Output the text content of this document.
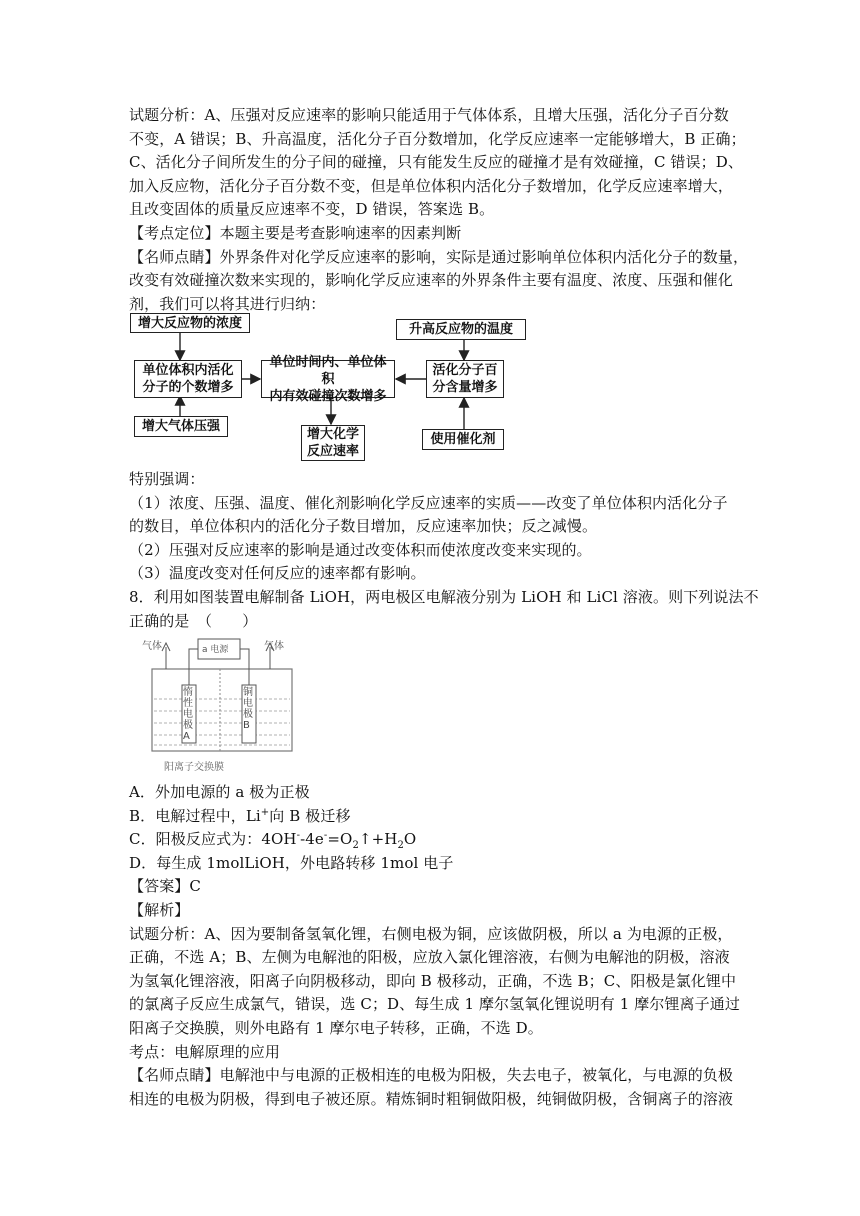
试题分析：A、压强对反应速率的影响只能适用于气体体系，且增大压强，活化分子百分数
不变，A 错误；B、升高温度，活化分子百分数增加，化学反应速率一定能够增大，B 正确；
C、活化分子间所发生的分子间的碰撞，只有能发生反应的碰撞才是有效碰撞，C 错误；D、
加入反应物，活化分子百分数不变，但是单位体积内活化分子数增加，化学反应速率增大，
且改变固体的质量反应速率不变，D 错误，答案选 B。
【考点定位】本题主要是考查影响速率的因素判断
【名师点睛】外界条件对化学反应速率的影响，实际是通过影响单位体积内活化分子的数量，
改变有效碰撞次数来实现的，影响化学反应速率的外界条件主要有温度、浓度、压强和催化
剂，我们可以将其进行归纳：
增大反应物的浓度	升高反应物的温度
单位体积内活化
分子的个数增多
单位时间内、单位体积
内有效碰撞次数增多
活化分子百
分含量增多
增大气体压强
增大化学
反应速率
使用催化剂
特别强调：
（1）浓度、压强、温度、催化剂影响化学反应速率的实质——改变了单位体积内活化分子
的数目，单位体积内的活化分子数目增加，反应速率加快；反之减慢。
（2）压强对反应速率的影响是通过改变体积而使浓度改变来实现的。
（3）温度改变对任何反应的速率都有影响。
8．利用如图装置电解制备 LiOH，两电极区电解液分别为 LiOH 和 LiCl 溶液。则下列说法不
正确的是　（　　）
气体	气体
a 电源
惰性电极A
铜电极B
阳离子交换膜
A．外加电源的 a 极为正极
B．电解过程中，Li+向 B 极迁移
C．阳极反应式为：$4OH^--4e^-=O_2↑+H_2O$
D．每生成 1molLiOH，外电路转移 1mol 电子
【答案】C
【解析】
试题分析：A、因为要制备氢氧化锂，右侧电极为铜，应该做阴极，所以 a 为电源的正极，
正确，不选 A；B、左侧为电解池的阳极，应放入氯化锂溶液，右侧为电解池的阴极，溶液
为氢氧化锂溶液，阳离子向阴极移动，即向 B 极移动，正确，不选 B；C、阳极是氯化锂中
的氯离子反应生成氯气，错误，选 C；D、每生成 1 摩尔氢氧化锂说明有 1 摩尔锂离子通过
阳离子交换膜，则外电路有 1 摩尔电子转移，正确，不选 D。
考点：电解原理的应用
【名师点睛】电解池中与电源的正极相连的电极为阳极，失去电子，被氧化，与电源的负极
相连的电极为阴极，得到电子被还原。精炼铜时粗铜做阳极，纯铜做阴极，含铜离子的溶液
